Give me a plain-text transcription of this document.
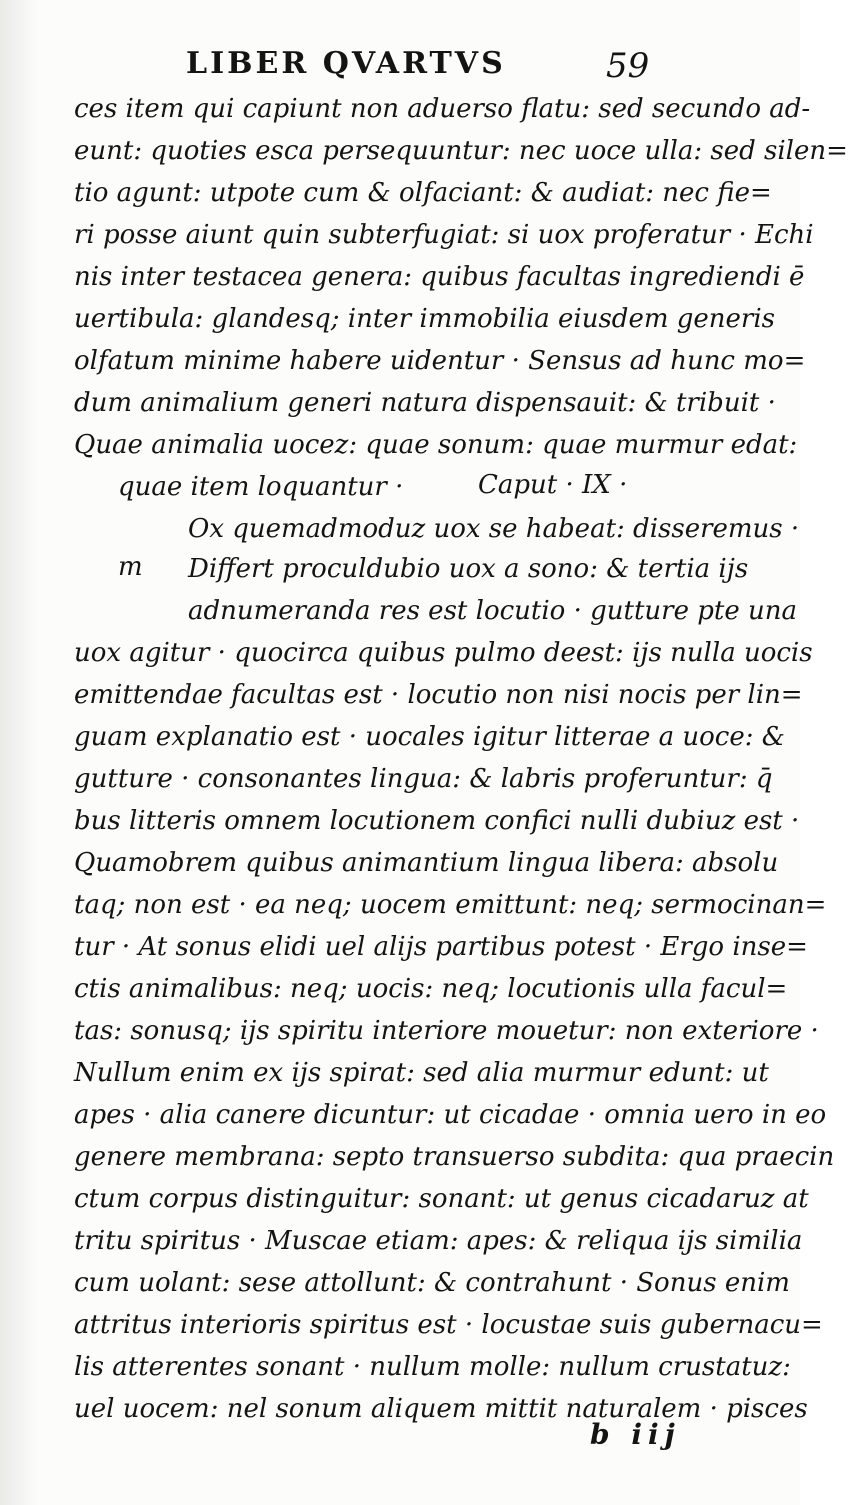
LIBER QVARTVS	59
ces item qui capiunt non aduerso flatu: sed secundo ad-
eunt: quoties esca persequuntur: nec uoce ulla: sed silen=
tio agunt: utpote cum & olfaciant: & audiat: nec fie=
ri posse aiunt quin subterfugiat: si uox proferatur · Echi
nis inter testacea genera: quibus facultas ingrediendi ē
uertibula: glandesq; inter immobilia eiusdem generis
olfatum minime habere uidentur · Sensus ad hunc mo=
dum animalium generi natura dispensauit: & tribuit ·
Quae animalia uocez: quae sonum: quae murmur edat:
quae item loquantur ·	Caput · IX ·
Ox quemadmoduz uox se habeat: disseremus ·
m Differt proculdubio uox a sono: & tertia ijs
adnumeranda res est locutio · gutture pte una
uox agitur · quocirca quibus pulmo deest: ijs nulla uocis
emittendae facultas est · locutio non nisi nocis per lin=
guam explanatio est · uocales igitur litterae a uoce: &
gutture · consonantes lingua: & labris proferuntur: q̄
bus litteris omnem locutionem confici nulli dubiuz est ·
Quamobrem quibus animantium lingua libera: absolu
taq; non est · ea neq; uocem emittunt: neq; sermocinan=
tur · At sonus elidi uel alijs partibus potest · Ergo inse=
ctis animalibus: neq; uocis: neq; locutionis ulla facul=
tas: sonusq; ijs spiritu interiore mouetur: non exteriore ·
Nullum enim ex ijs spirat: sed alia murmur edunt: ut
apes · alia canere dicuntur: ut cicadae · omnia uero in eo
genere membrana: septo transuerso subdita: qua praecin
ctum corpus distinguitur: sonant: ut genus cicadaruz at
tritu spiritus · Muscae etiam: apes: & reliqua ijs similia
cum uolant: sese attollunt: & contrahunt · Sonus enim
attritus interioris spiritus est · locustae suis gubernacu=
lis atterentes sonant · nullum molle: nullum crustatuz:
uel uocem: nel sonum aliquem mittit naturalem · pisces
b iij
